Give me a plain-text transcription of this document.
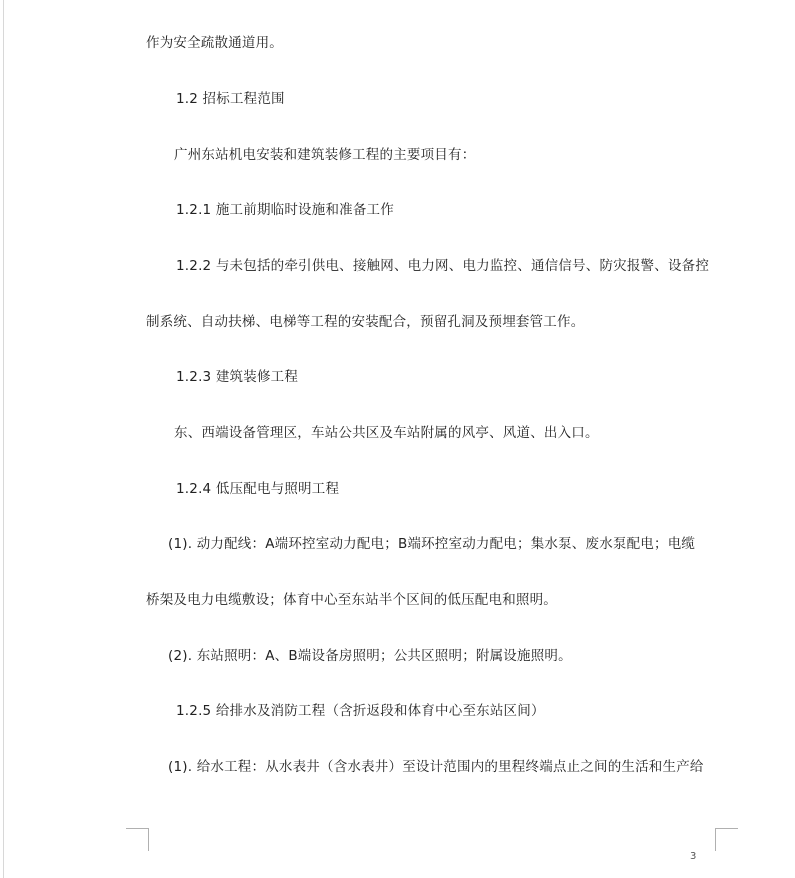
作为安全疏散通道用。
1.2 招标工程范围
广州东站机电安装和建筑装修工程的主要项目有：
1.2.1 施工前期临时设施和准备工作
1.2.2 与未包括的牵引供电、接触网、电力网、电力监控、通信信号、防灾报警、设备控
制系统、自动扶梯、电梯等工程的安装配合，预留孔洞及预埋套管工作。
1.2.3 建筑装修工程
东、西端设备管理区，车站公共区及车站附属的风亭、风道、出入口。
1.2.4 低压配电与照明工程
(1). 动力配线：A端环控室动力配电；B端环控室动力配电；集水泵、废水泵配电；电缆
桥架及电力电缆敷设；体育中心至东站半个区间的低压配电和照明。
(2). 东站照明：A、B端设备房照明；公共区照明；附属设施照明。
1.2.5 给排水及消防工程（含折返段和体育中心至东站区间）
(1). 给水工程：从水表井（含水表井）至设计范围内的里程终端点止之间的生活和生产给
3
